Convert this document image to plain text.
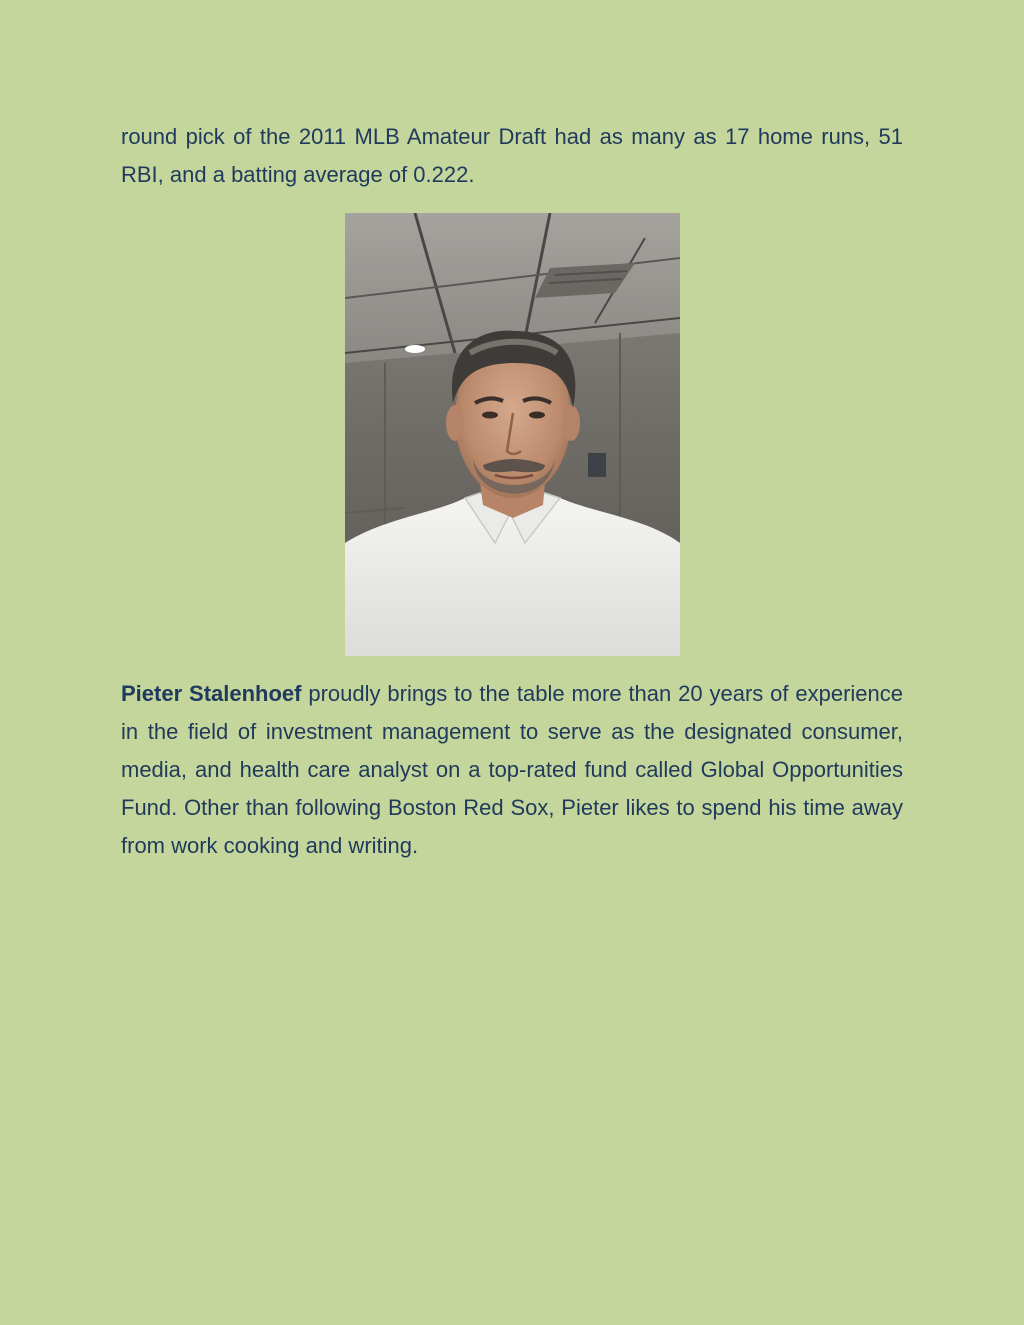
round pick of the 2011 MLB Amateur Draft had as many as 17 home runs, 51 RBI, and a batting average of 0.222.

Pieter Stalenhoef proudly brings to the table more than 20 years of experience in the field of investment management to serve as the designated consumer, media, and health care analyst on a top-rated fund called Global Opportunities Fund. Other than following Boston Red Sox, Pieter likes to spend his time away from work cooking and writing.
